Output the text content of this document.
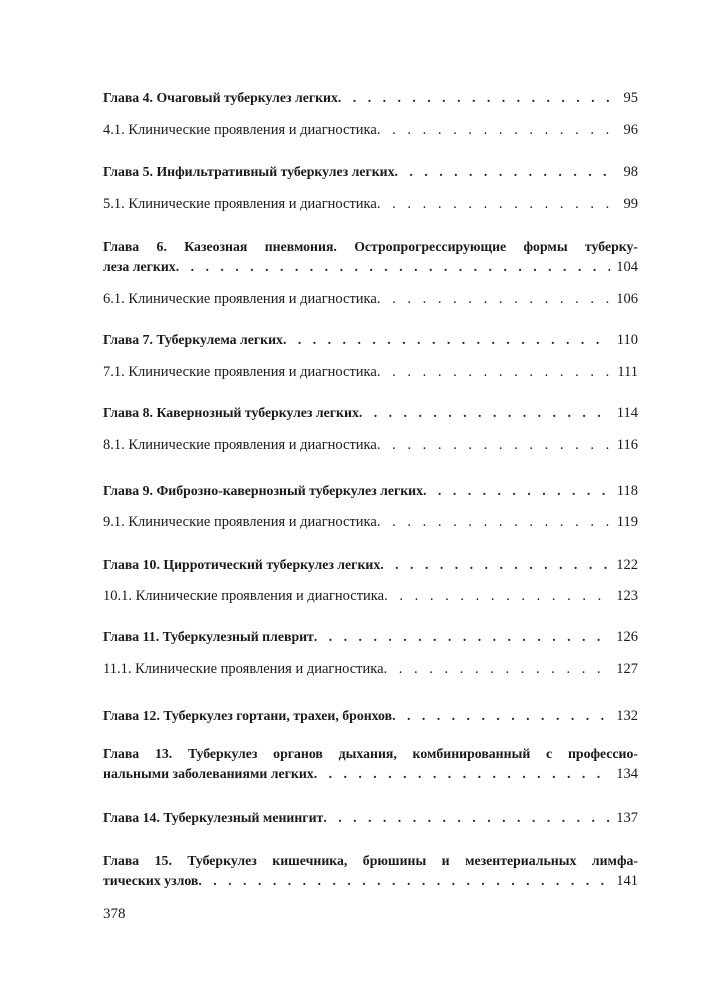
Глава 4. Очаговый туберкулез легких . . .	95
4.1. Клинические проявления и диагностика . . .	96
Глава 5. Инфильтративный туберкулез легких . . .	98
5.1. Клинические проявления и диагностика . . .	99
Глава 6. Казеозная пневмония. Остропрогрессирующие формы туберку-
леза легких . . .	104
6.1. Клинические проявления и диагностика . . .	106
Глава 7. Туберкулема легких . . .	110
7.1. Клинические проявления и диагностика . . .	111
Глава 8. Кавернозный туберкулез легких . . .	114
8.1. Клинические проявления и диагностика . . .	116
Глава 9. Фиброзно-кавернозный туберкулез легких . . .	118
9.1. Клинические проявления и диагностика . . .	119
Глава 10. Цирротический туберкулез легких . . .	122
10.1. Клинические проявления и диагностика . . .	123
Глава 11. Туберкулезный плеврит . . .	126
11.1. Клинические проявления и диагностика . . .	127
Глава 12. Туберкулез гортани, трахеи, бронхов . . .	132
Глава 13. Туберкулез органов дыхания, комбинированный с профессио-
нальными заболеваниями легких . . .	134
Глава 14. Туберкулезный менингит . . .	137
Глава 15. Туберкулез кишечника, брюшины и мезентериальных лимфа-
тических узлов . . .	141
378
